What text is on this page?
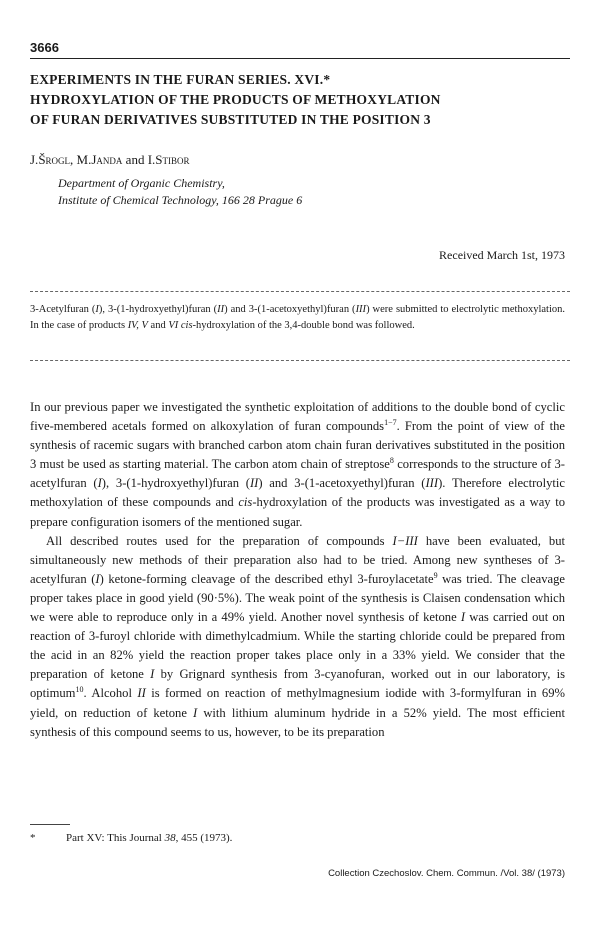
3666
EXPERIMENTS IN THE FURAN SERIES. XVI.*
HYDROXYLATION OF THE PRODUCTS OF METHOXYLATION
OF FURAN DERIVATIVES SUBSTITUTED IN THE POSITION 3
J.Šrogl, M.Janda and I.Stibor
Department of Organic Chemistry,
Institute of Chemical Technology, 166 28 Prague 6
Received March 1st, 1973
3-Acetylfuran (I), 3-(1-hydroxyethyl)furan (II) and 3-(1-acetoxyethyl)furan (III) were submitted to electrolytic methoxylation. In the case of products IV, V and VI cis-hydroxylation of the 3,4-double bond was followed.

In our previous paper we investigated the synthetic exploitation of additions to the double bond of cyclic five-membered acetals formed on alkoxylation of furan compounds$^{1-7}$. From the point of view of the synthesis of racemic sugars with branched carbon atom chain furan derivatives substituted in the position 3 must be used as starting material. The carbon atom chain of streptose$^8$ corresponds to the structure of 3-acetylfuran (I), 3-(1-hydroxyethyl)furan (II) and 3-(1-acetoxyethyl)furan (III). Therefore electrolytic methoxylation of these compounds and cis-hydroxylation of the products was investigated as a way to prepare configuration isomers of the mentioned sugar.

All described routes used for the preparation of compounds I−III have been evaluated, but simultaneously new methods of their preparation also had to be tried. Among new syntheses of 3-acetylfuran (I) ketone-forming cleavage of the described ethyl 3-furoylacetate$^9$ was tried. The cleavage proper takes place in good yield (90·5%). The weak point of the synthesis is Claisen condensation which we were able to reproduce only in a 49% yield. Another novel synthesis of ketone I was carried out on reaction of 3-furoyl chloride with dimethylcadmium. While the starting chloride could be prepared from the acid in an 82% yield the reaction proper takes place only in a 33% yield. We consider that the preparation of ketone I by Grignard synthesis from 3-cyanofuran, worked out in our laboratory, is optimum$^{10}$. Alcohol II is formed on reaction of methylmagnesium iodide with 3-formylfuran in 69% yield, on reduction of ketone I with lithium aluminum hydride in a 52% yield. The most efficient synthesis of this compound seems to us, however, to be its preparation

*	Part XV: This Journal 38, 455 (1973).
Collection Czechoslov. Chem. Commun. /Vol. 38/ (1973)
